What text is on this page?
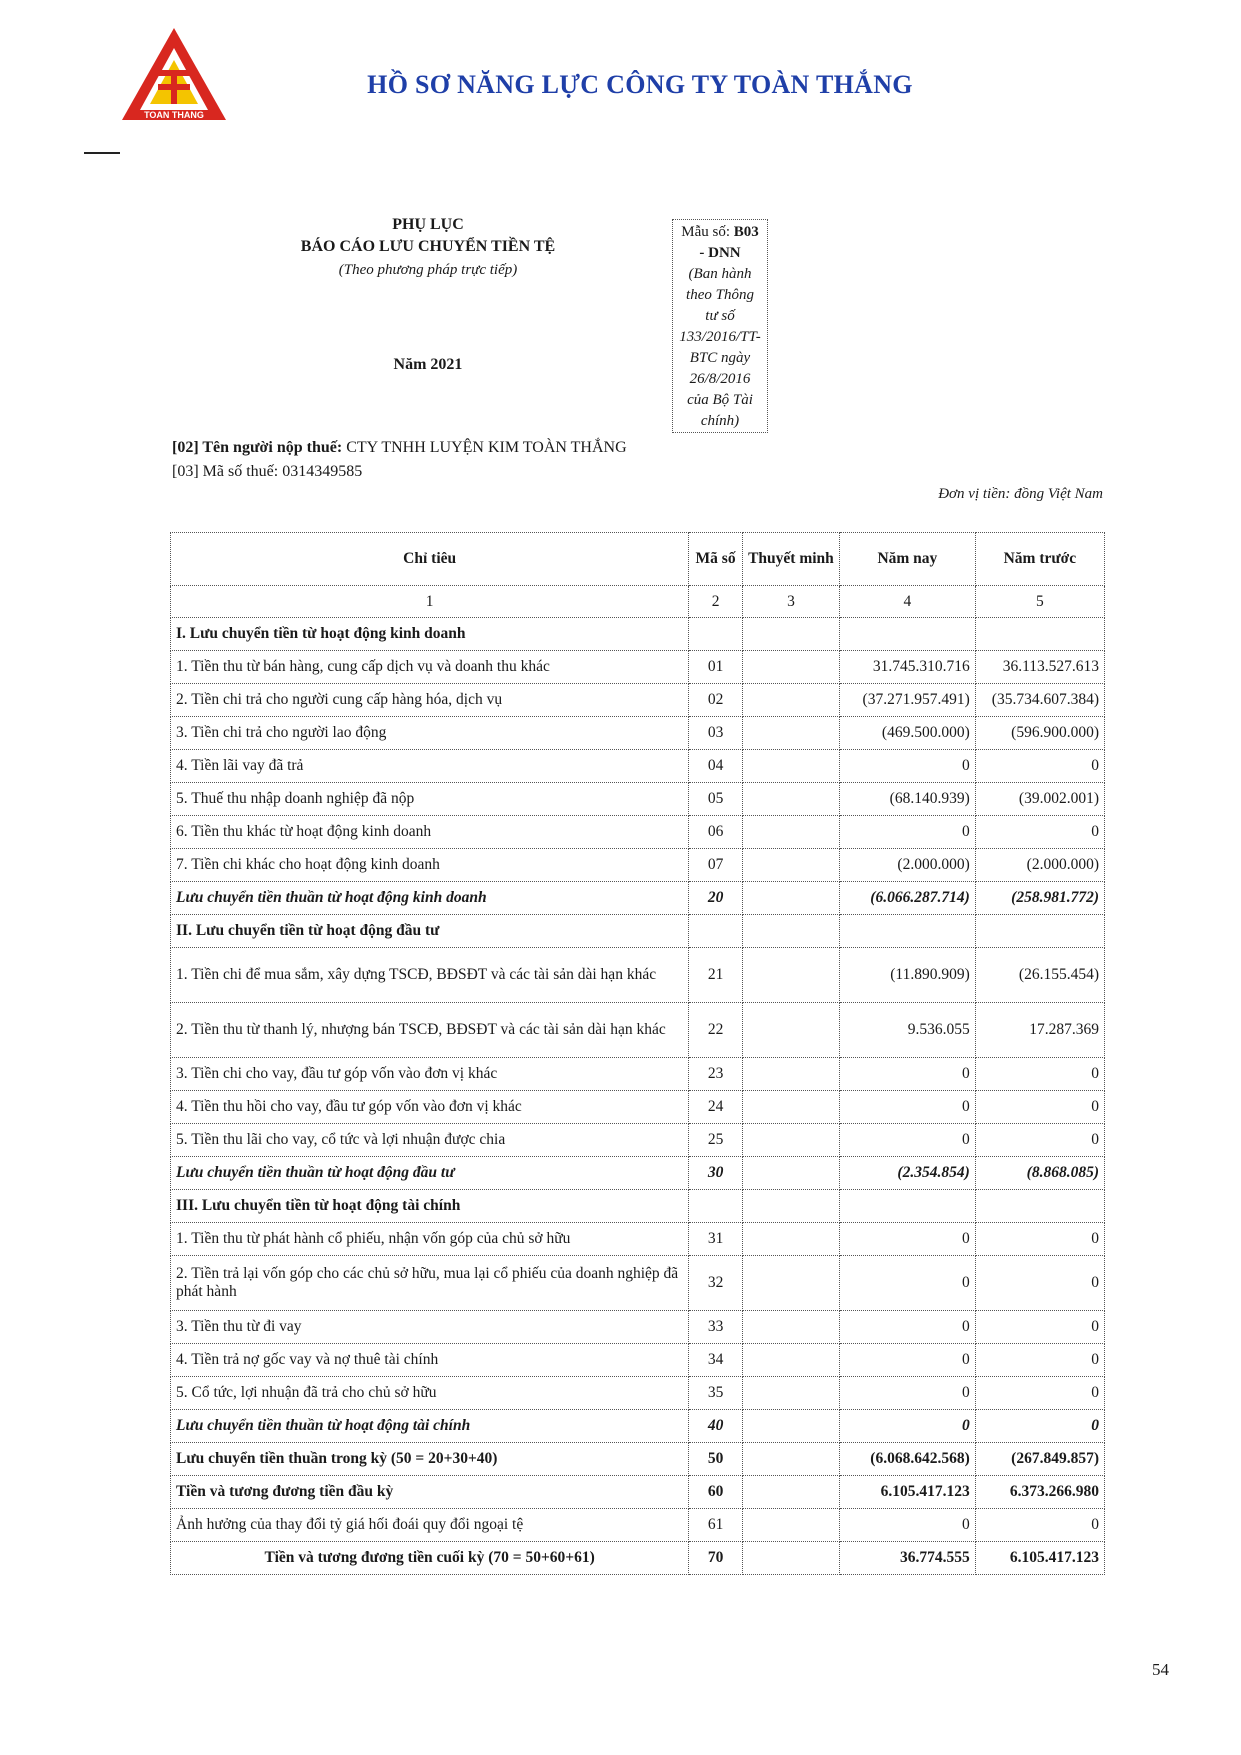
TOAN THANG
HỒ SƠ NĂNG LỰC CÔNG TY TOÀN THẮNG
PHỤ LỤC
BÁO CÁO LƯU CHUYỂN TIỀN TỆ
(Theo phương pháp trực tiếp)
Năm 2021
Mẫu số: B03
- DNN
(Ban hành
theo Thông
tư số
133/2016/TT-
BTC ngày
26/8/2016
của Bộ Tài
chính)
[02] Tên người nộp thuế: CTY TNHH LUYỆN KIM TOÀN THẮNG
[03] Mã số thuế: 0314349585
Đơn vị tiền: đồng Việt Nam
Chỉ tiêu	Mã số	Thuyết minh	Năm nay	Năm trước
1	2	3	4	5
I. Lưu chuyển tiền từ hoạt động kinh doanh				
1. Tiền thu từ bán hàng, cung cấp dịch vụ và doanh thu khác	01		31.745.310.716	36.113.527.613
2. Tiền chi trả cho người cung cấp hàng hóa, dịch vụ	02		(37.271.957.491)	(35.734.607.384)
3. Tiền chi trả cho người lao động	03		(469.500.000)	(596.900.000)
4. Tiền lãi vay đã trả	04		0	0
5. Thuế thu nhập doanh nghiệp đã nộp	05		(68.140.939)	(39.002.001)
6. Tiền thu khác từ hoạt động kinh doanh	06		0	0
7. Tiền chi khác cho hoạt động kinh doanh	07		(2.000.000)	(2.000.000)
Lưu chuyển tiền thuần từ hoạt động kinh doanh	20		(6.066.287.714)	(258.981.772)
II. Lưu chuyển tiền từ hoạt động đầu tư				
1. Tiền chi để mua sắm, xây dựng TSCĐ, BĐSĐT và các tài sản dài hạn khác	21		(11.890.909)	(26.155.454)
2. Tiền thu từ thanh lý, nhượng bán TSCĐ, BĐSĐT và các tài sản dài hạn khác	22		9.536.055	17.287.369
3. Tiền chi cho vay, đầu tư góp vốn vào đơn vị khác	23		0	0
4. Tiền thu hồi cho vay, đầu tư góp vốn vào đơn vị khác	24		0	0
5. Tiền thu lãi cho vay, cổ tức và lợi nhuận được chia	25		0	0
Lưu chuyển tiền thuần từ hoạt động đầu tư	30		(2.354.854)	(8.868.085)
III. Lưu chuyển tiền từ hoạt động tài chính				
1. Tiền thu từ phát hành cổ phiếu, nhận vốn góp của chủ sở hữu	31		0	0
2. Tiền trả lại vốn góp cho các chủ sở hữu, mua lại cổ phiếu của doanh nghiệp đã phát hành	32		0	0
3. Tiền thu từ đi vay	33		0	0
4. Tiền trả nợ gốc vay và nợ thuê tài chính	34		0	0
5. Cổ tức, lợi nhuận đã trả cho chủ sở hữu	35		0	0
Lưu chuyển tiền thuần từ hoạt động tài chính	40		0	0
Lưu chuyển tiền thuần trong kỳ (50 = 20+30+40)	50		(6.068.642.568)	(267.849.857)
Tiền và tương đương tiền đầu kỳ	60		6.105.417.123	6.373.266.980
Ảnh hưởng của thay đổi tỷ giá hối đoái quy đổi ngoại tệ	61		0	0
Tiền và tương đương tiền cuối kỳ (70 = 50+60+61)	70		36.774.555	6.105.417.123
54
